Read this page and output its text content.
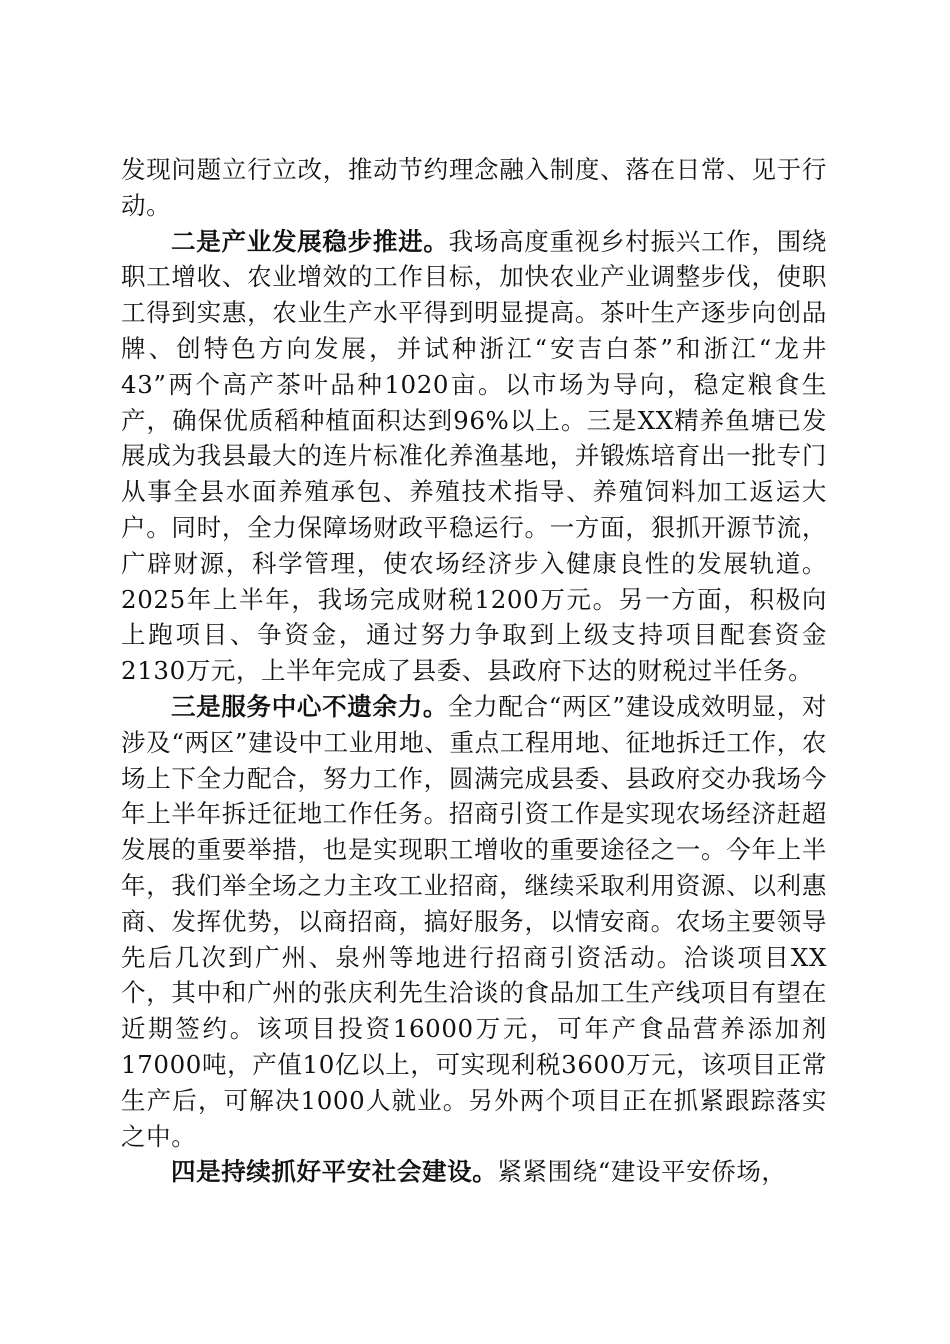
发现问题立行立改，推动节约理念融入制度、落在日常、见于行动。

二是产业发展稳步推进。我场高度重视乡村振兴工作，围绕职工增收、农业增效的工作目标，加快农业产业调整步伐，使职工得到实惠，农业生产水平得到明显提高。茶叶生产逐步向创品牌、创特色方向发展，并试种浙江“安吉白茶”和浙江“龙井43”两个高产茶叶品种1020亩。以市场为导向，稳定粮食生产，确保优质稻种植面积达到96%以上。三是XX精养鱼塘已发展成为我县最大的连片标准化养渔基地，并锻炼培育出一批专门从事全县水面养殖承包、养殖技术指导、养殖饲料加工返运大户。同时，全力保障场财政平稳运行。一方面，狠抓开源节流，广辟财源，科学管理，使农场经济步入健康良性的发展轨道。2025年上半年，我场完成财税1200万元。另一方面，积极向上跑项目、争资金，通过努力争取到上级支持项目配套资金2130万元，上半年完成了县委、县政府下达的财税过半任务。

三是服务中心不遗余力。全力配合“两区”建设成效明显，对涉及“两区”建设中工业用地、重点工程用地、征地拆迁工作，农场上下全力配合，努力工作，圆满完成县委、县政府交办我场今年上半年拆迁征地工作任务。招商引资工作是实现农场经济赶超发展的重要举措，也是实现职工增收的重要途径之一。今年上半年，我们举全场之力主攻工业招商，继续采取利用资源、以利惠商、发挥优势，以商招商，搞好服务，以情安商。农场主要领导先后几次到广州、泉州等地进行招商引资活动。洽谈项目XX个，其中和广州的张庆利先生洽谈的食品加工生产线项目有望在近期签约。该项目投资16000万元，可年产食品营养添加剂17000吨，产值10亿以上，可实现利税3600万元，该项目正常生产后，可解决1000人就业。另外两个项目正在抓紧跟踪落实之中。

四是持续抓好平安社会建设。紧紧围绕“建设平安侨场，
